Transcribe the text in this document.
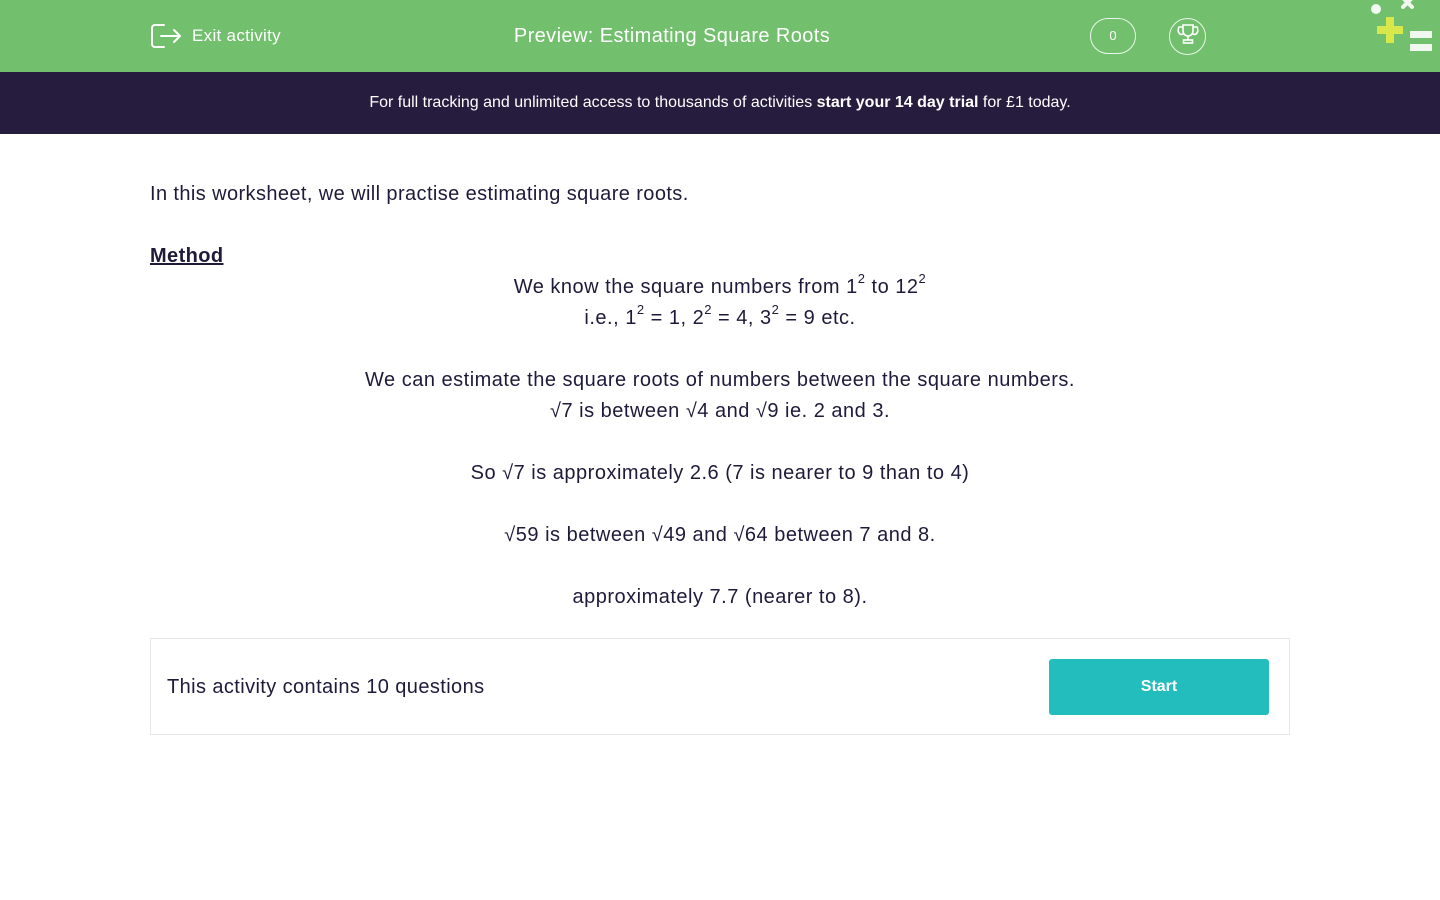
Exit activity	Preview: Estimating Square Roots	0
For full tracking and unlimited access to thousands of activities start your 14 day trial for £1 today.
In this worksheet, we will practise estimating square roots.
Method
We know the square numbers from $1^2$ to $12^2$
i.e., $1^2 = 1$, $2^2 = 4$, $3^2 = 9$ etc.
We can estimate the square roots of numbers between the square numbers.
√7 is between √4 and √9 ie. 2 and 3.
So √7 is approximately 2.6 (7 is nearer to 9 than to 4)
√59 is between √49 and √64 between 7 and 8.
approximately 7.7 (nearer to 8).
This activity contains 10 questions	Start
